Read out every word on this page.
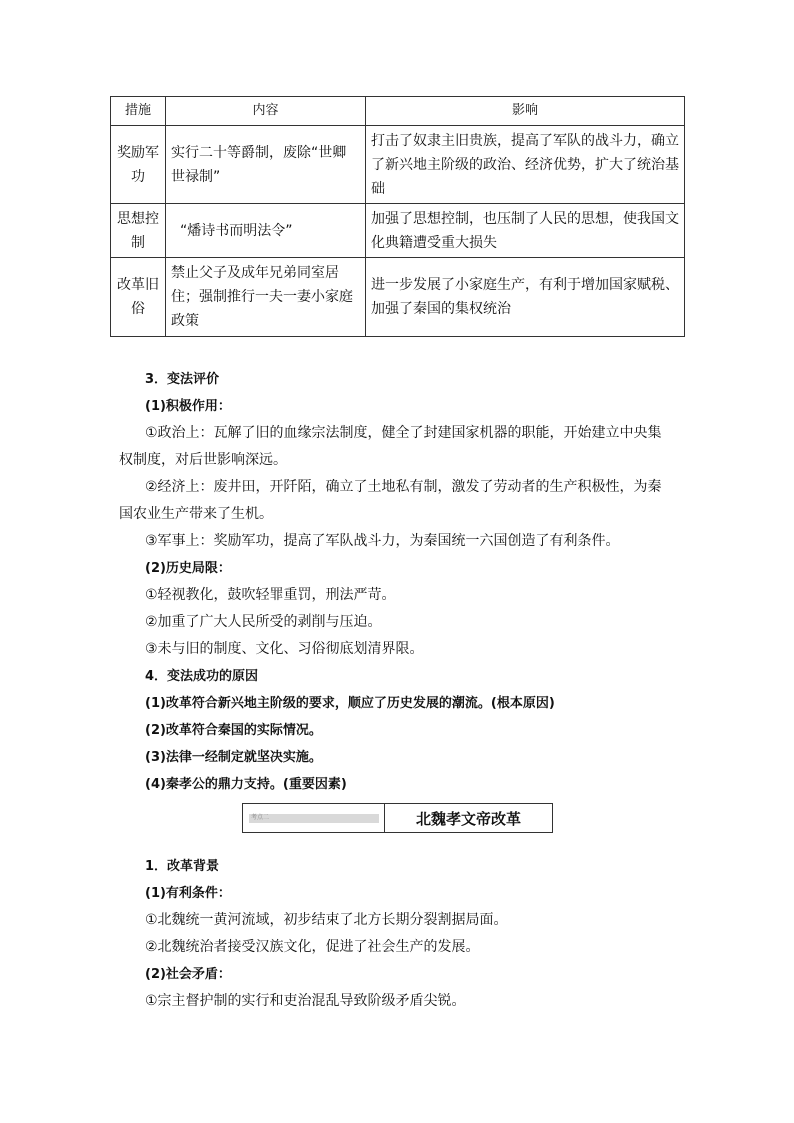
措施	内容	影响
奖励军功	实行二十等爵制，废除“世卿世禄制”	打击了奴隶主旧贵族，提高了军队的战斗力，确立了新兴地主阶级的政治、经济优势，扩大了统治基础
思想控制	“燔诗书而明法令”	加强了思想控制，也压制了人民的思想，使我国文化典籍遭受重大损失
改革旧俗	禁止父子及成年兄弟同室居住；强制推行一夫一妻小家庭政策	进一步发展了小家庭生产，有利于增加国家赋税、加强了秦国的集权统治
3．变法评价
(1)积极作用：
①政治上：瓦解了旧的血缘宗法制度，健全了封建国家机器的职能，开始建立中央集
权制度，对后世影响深远。
②经济上：废井田，开阡陌，确立了土地私有制，激发了劳动者的生产积极性，为秦
国农业生产带来了生机。
③军事上：奖励军功，提高了军队战斗力，为秦国统一六国创造了有利条件。
(2)历史局限：
①轻视教化，鼓吹轻罪重罚，刑法严苛。
②加重了广大人民所受的剥削与压迫。
③未与旧的制度、文化、习俗彻底划清界限。
4．变法成功的原因
(1)改革符合新兴地主阶级的要求，顺应了历史发展的潮流。(根本原因)
(2)改革符合秦国的实际情况。
(3)法律一经制定就坚决实施。
(4)秦孝公的鼎力支持。(重要因素)
考点二	北魏孝文帝改革
1．改革背景
(1)有利条件：
①北魏统一黄河流域，初步结束了北方长期分裂割据局面。
②北魏统治者接受汉族文化，促进了社会生产的发展。
(2)社会矛盾：
①宗主督护制的实行和吏治混乱导致阶级矛盾尖锐。
